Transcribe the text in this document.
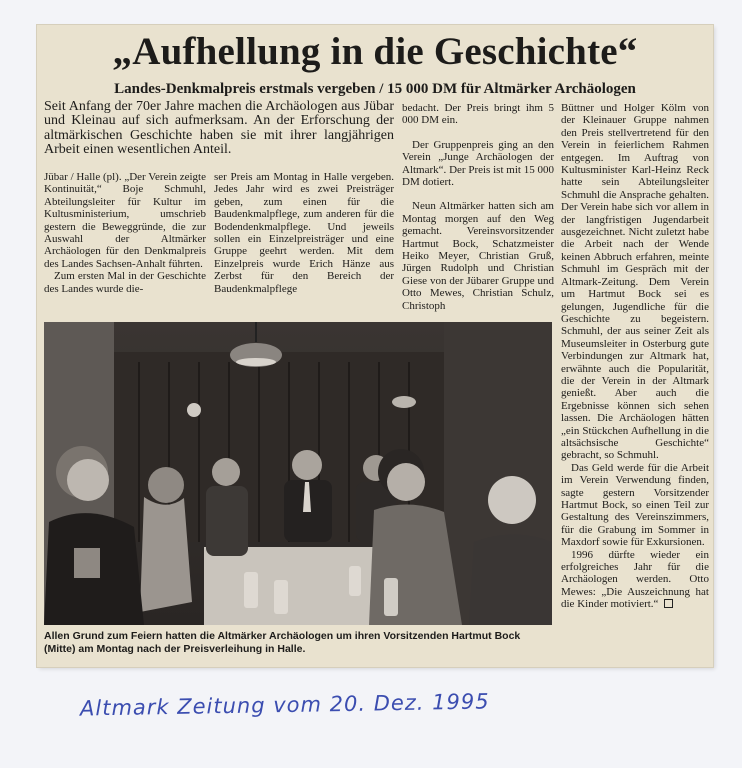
„Aufhellung in die Geschichte“
Landes-Denkmalpreis erstmals vergeben / 15 000 DM für Altmärker Archäologen

Seit Anfang der 70er Jahre machen die Archäologen aus Jübar und Kleinau auf sich aufmerksam. An der Erforschung der altmärkischen Geschichte haben sie mit ihrer langjährigen Arbeit einen wesentlichen Anteil.

Jübar / Halle (pl). „Der Verein zeigte Kontinuität,“ Boje Schmuhl, Abteilungsleiter für Kultur im Kultusministerium, umschrieb gestern die Beweggründe, die zur Auswahl der Altmärker Archäologen für den Denkmalpreis des Landes Sachsen-Anhalt führten.

Zum ersten Mal in der Geschichte des Landes wurde die-

ser Preis am Montag in Halle vergeben. Jedes Jahr wird es zwei Preisträger geben, zum einen für die Baudenkmalpflege, zum anderen für die Bodendenkmalpflege. Und jeweils sollen ein Einzelpreisträger und eine Gruppe geehrt werden. Mit dem Einzelpreis wurde Erich Hänze aus Zerbst für den Bereich der Baudenkmalpflege

bedacht. Der Preis bringt ihm 5 000 DM ein.

Der Gruppenpreis ging an den Verein „Junge Archäologen der Altmark“. Der Preis ist mit 15 000 DM dotiert.

Neun Altmärker hatten sich am Montag morgen auf den Weg gemacht. Vereinsvorsitzender Hartmut Bock, Schatzmeister Heiko Meyer, Christian Gruß, Jürgen Rudolph und Christian Giese von der Jübarer Gruppe und Otto Mewes, Christian Schulz, Christoph

Büttner und Holger Kölm von der Kleinauer Gruppe nahmen den Preis stellvertretend für den Verein in feierlichem Rahmen entgegen. Im Auftrag von Kultusminister Karl-Heinz Reck hatte sein Abteilungsleiter Schmuhl die Ansprache gehalten. Der Verein habe sich vor allem in der langfristigen Jugendarbeit ausgezeichnet. Nicht zuletzt habe die Arbeit nach der Wende keinen Abbruch erfahren, meinte Schmuhl im Gespräch mit der Altmark-Zeitung. Dem Verein um Hartmut Bock sei es gelungen, Jugendliche für die Geschichte zu begeistern. Schmuhl, der aus seiner Zeit als Museumsleiter in Osterburg gute Verbindungen zur Altmark hat, erwähnte auch die Popularität, die der Verein in der Altmark genießt. Aber auch die Ergebnisse können sich sehen lassen. Die Archäologen hätten „ein Stückchen Aufhellung in die altsächsische Geschichte“ gebracht, so Schmuhl.

Das Geld werde für die Arbeit im Verein Verwendung finden, sagte gestern Vorsitzender Hartmut Bock, so einen Teil zur Gestaltung des Vereinszimmers, für die Grabung im Sommer in Maxdorf sowie für Exkursionen.

1996 dürfte wieder ein erfolgreiches Jahr für die Archäologen werden. Otto Mewes: „Die Auszeichnung hat die Kinder motiviert.“

Allen Grund zum Feiern hatten die Altmärker Archäologen um ihren Vorsitzenden Hartmut Bock (Mitte) am Montag nach der Preisverleihung in Halle.

Altmark Zeitung vom 20. Dez. 1995
